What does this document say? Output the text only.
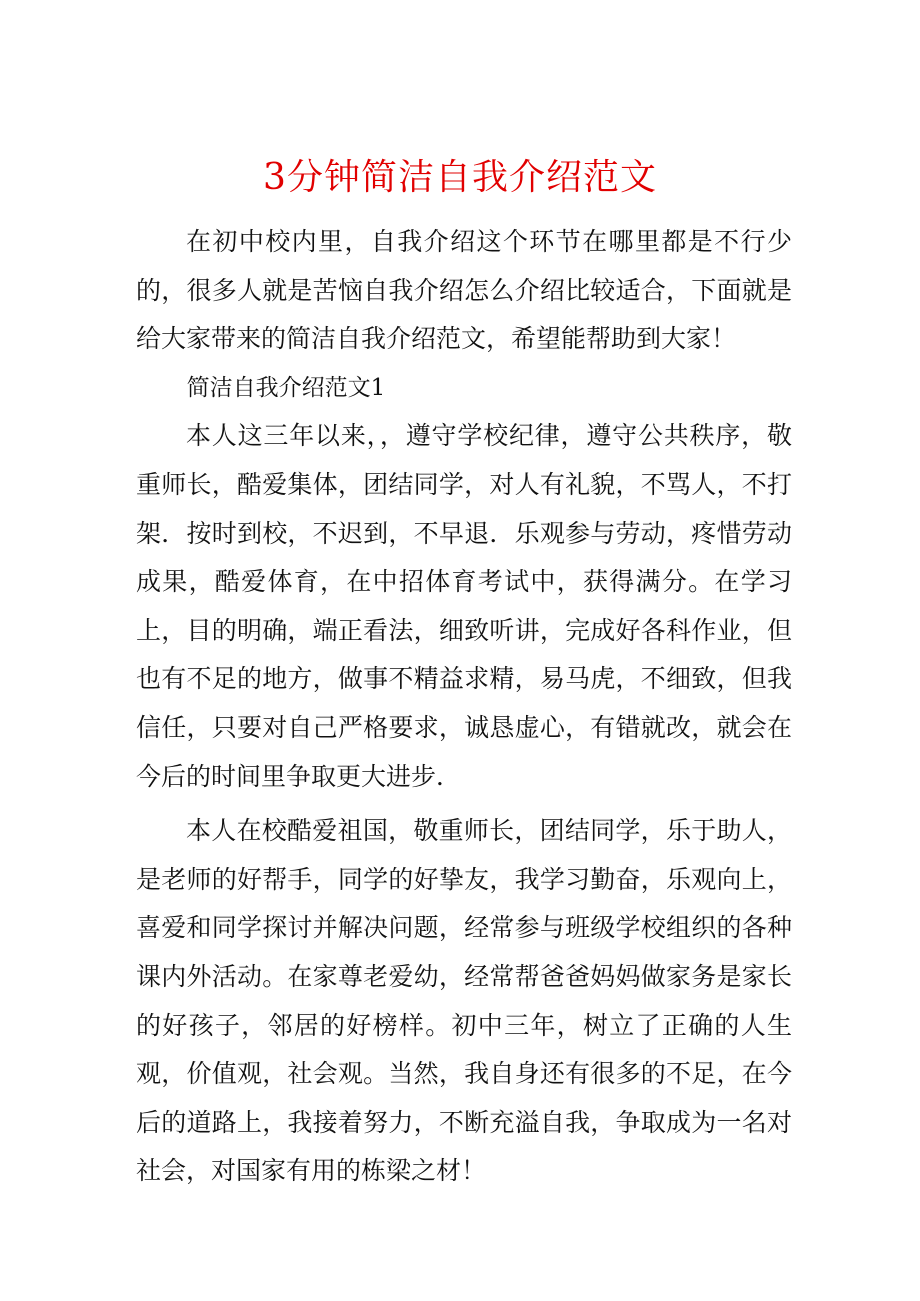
3分钟简洁自我介绍范文

在初中校内里，自我介绍这个环节在哪里都是不行少的，很多人就是苦恼自我介绍怎么介绍比较适合，下面就是给大家带来的简洁自我介绍范文，希望能帮助到大家！

简洁自我介绍范文1

本人这三年以来，，遵守学校纪律，遵守公共秩序，敬重师长，酷爱集体，团结同学，对人有礼貌，不骂人，不打架．按时到校，不迟到，不早退．乐观参与劳动，疼惜劳动成果，酷爱体育，在中招体育考试中，获得满分。在学习上，目的明确，端正看法，细致听讲，完成好各科作业，但也有不足的地方，做事不精益求精，易马虎，不细致，但我信任，只要对自己严格要求，诚恳虚心，有错就改，就会在今后的时间里争取更大进步．

本人在校酷爱祖国，敬重师长，团结同学，乐于助人，是老师的好帮手，同学的好挚友，我学习勤奋，乐观向上，喜爱和同学探讨并解决问题，经常参与班级学校组织的各种课内外活动。在家尊老爱幼，经常帮爸爸妈妈做家务是家长的好孩子，邻居的好榜样。初中三年，树立了正确的人生观，价值观，社会观。当然，我自身还有很多的不足，在今后的道路上，我接着努力，不断充溢自我，争取成为一名对社会，对国家有用的栋梁之材！
